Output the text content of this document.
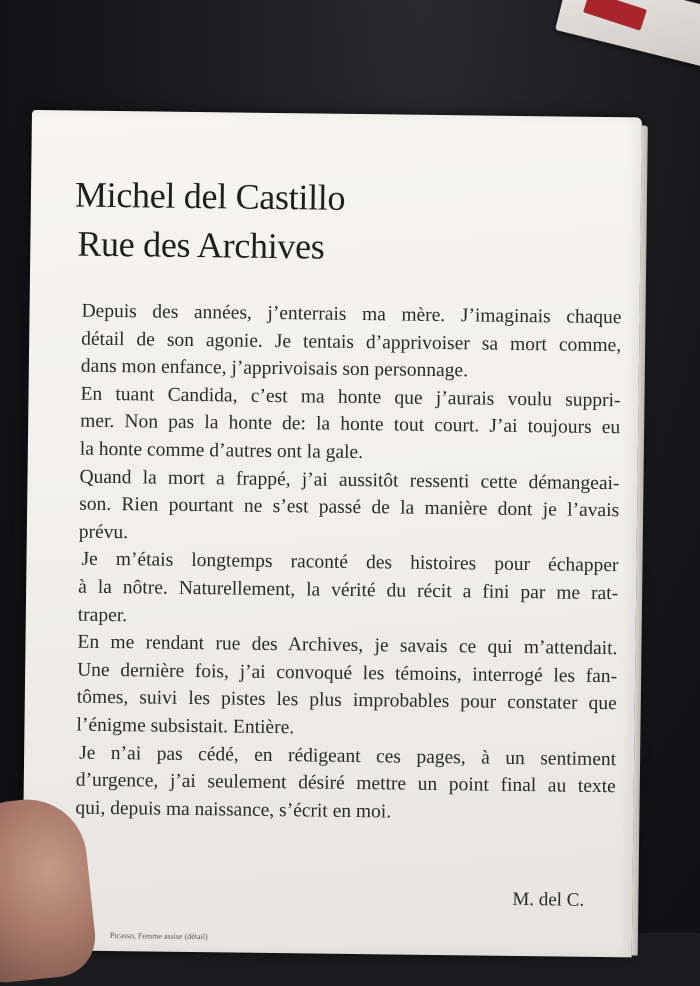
Michel del Castillo
Rue des Archives
Depuis des années, j’enterrais ma mère. J’imaginais chaque
détail de son agonie. Je tentais d’apprivoiser sa mort comme,
dans mon enfance, j’apprivoisais son personnage.
En tuant Candida, c’est ma honte que j’aurais voulu suppri-
mer. Non pas la honte de: la honte tout court. J’ai toujours eu
la honte comme d’autres ont la gale.
Quand la mort a frappé, j’ai aussitôt ressenti cette démangeai-
son. Rien pourtant ne s’est passé de la manière dont je l’avais
prévu.
Je m’étais longtemps raconté des histoires pour échapper
à la nôtre. Naturellement, la vérité du récit a fini par me rat-
traper.
En me rendant rue des Archives, je savais ce qui m’attendait.
Une dernière fois, j’ai convoqué les témoins, interrogé les fan-
tômes, suivi les pistes les plus improbables pour constater que
l’énigme subsistait. Entière.
Je n’ai pas cédé, en rédigeant ces pages, à un sentiment
d’urgence, j’ai seulement désiré mettre un point final au texte
qui, depuis ma naissance, s’écrit en moi.
M. del C.
Picasso, Femme assise (détail)
